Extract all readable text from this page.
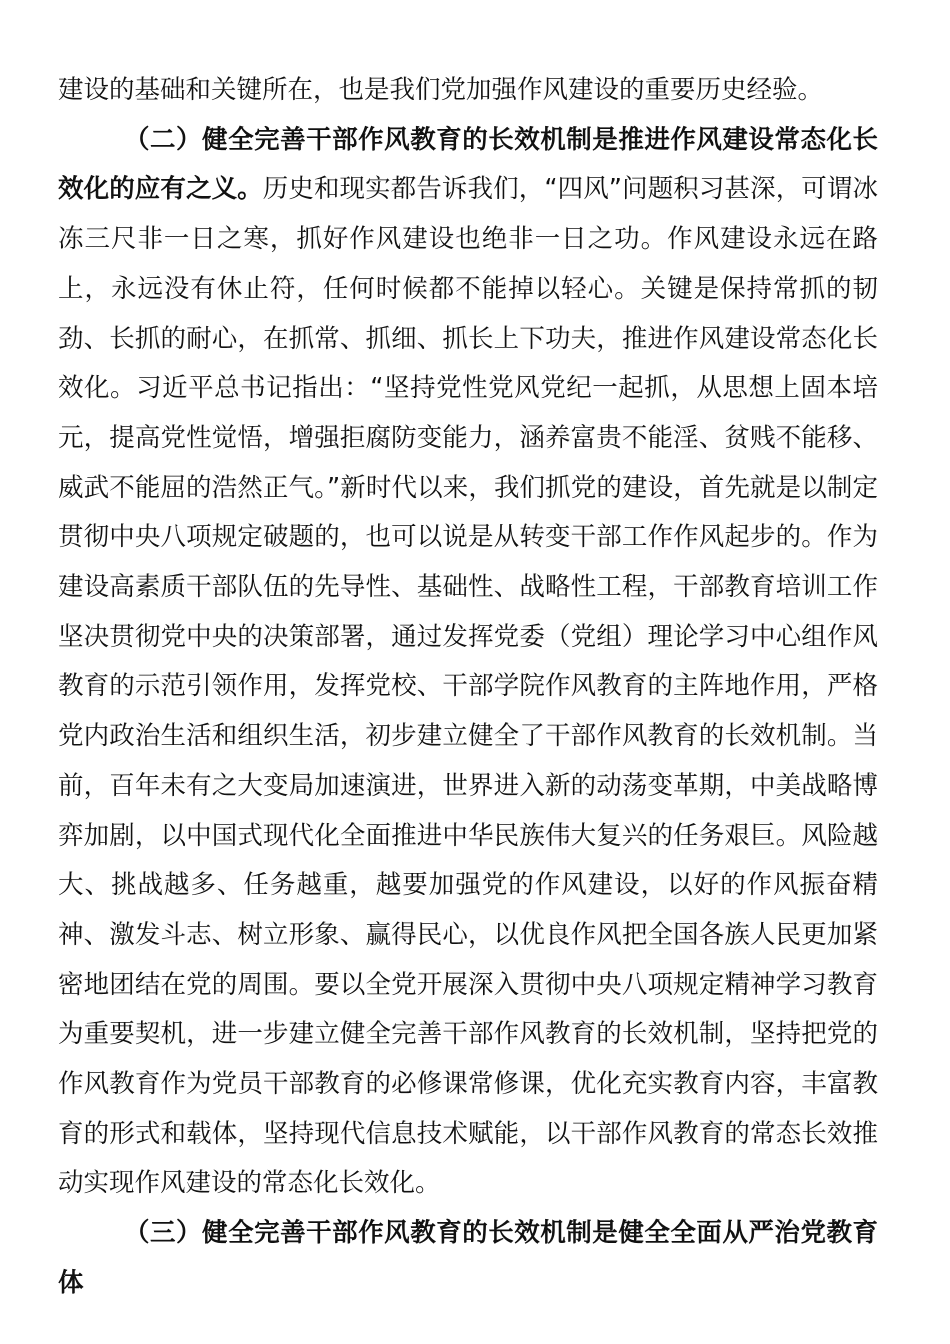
建设的基础和关键所在，也是我们党加强作风建设的重要历史经验。

（二）健全完善干部作风教育的长效机制是推进作风建设常态化长效化的应有之义。历史和现实都告诉我们，“四风”问题积习甚深，可谓冰冻三尺非一日之寒，抓好作风建设也绝非一日之功。作风建设永远在路上，永远没有休止符，任何时候都不能掉以轻心。关键是保持常抓的韧劲、长抓的耐心，在抓常、抓细、抓长上下功夫，推进作风建设常态化长效化。习近平总书记指出：“坚持党性党风党纪一起抓，从思想上固本培元，提高党性觉悟，增强拒腐防变能力，涵养富贵不能淫、贫贱不能移、威武不能屈的浩然正气。”新时代以来，我们抓党的建设，首先就是以制定贯彻中央八项规定破题的，也可以说是从转变干部工作作风起步的。作为建设高素质干部队伍的先导性、基础性、战略性工程，干部教育培训工作坚决贯彻党中央的决策部署，通过发挥党委（党组）理论学习中心组作风教育的示范引领作用，发挥党校、干部学院作风教育的主阵地作用，严格党内政治生活和组织生活，初步建立健全了干部作风教育的长效机制。当前，百年未有之大变局加速演进，世界进入新的动荡变革期，中美战略博弈加剧，以中国式现代化全面推进中华民族伟大复兴的任务艰巨。风险越大、挑战越多、任务越重，越要加强党的作风建设，以好的作风振奋精神、激发斗志、树立形象、赢得民心，以优良作风把全国各族人民更加紧密地团结在党的周围。要以全党开展深入贯彻中央八项规定精神学习教育为重要契机，进一步建立健全完善干部作风教育的长效机制，坚持把党的作风教育作为党员干部教育的必修课常修课，优化充实教育内容，丰富教育的形式和载体，坚持现代信息技术赋能，以干部作风教育的常态长效推动实现作风建设的常态化长效化。

（三）健全完善干部作风教育的长效机制是健全全面从严治党教育体
